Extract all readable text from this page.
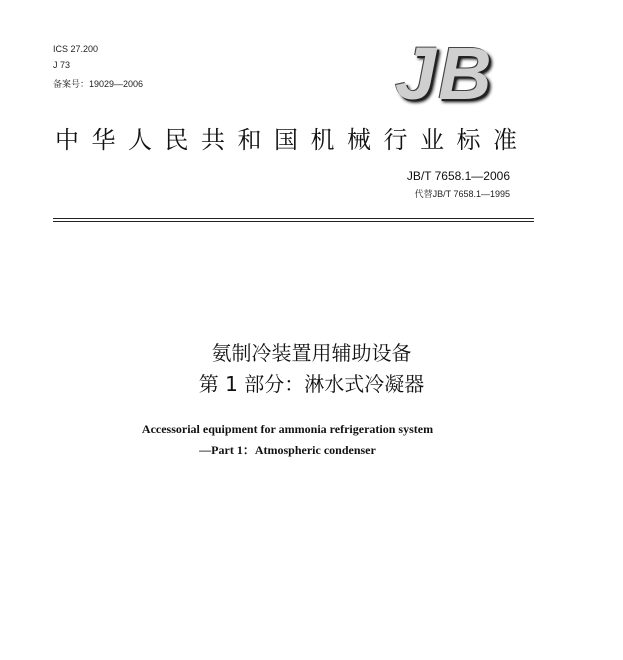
ICS 27.200
J 73
备案号：19029—2006	JB
中华人民共和国机械行业标准
JB/T 7658.1—2006
代替JB/T 7658.1—1995
氨制冷装置用辅助设备
第 1 部分：淋水式冷凝器
Accessorial equipment for ammonia refrigeration system
—Part 1：Atmospheric condenser
